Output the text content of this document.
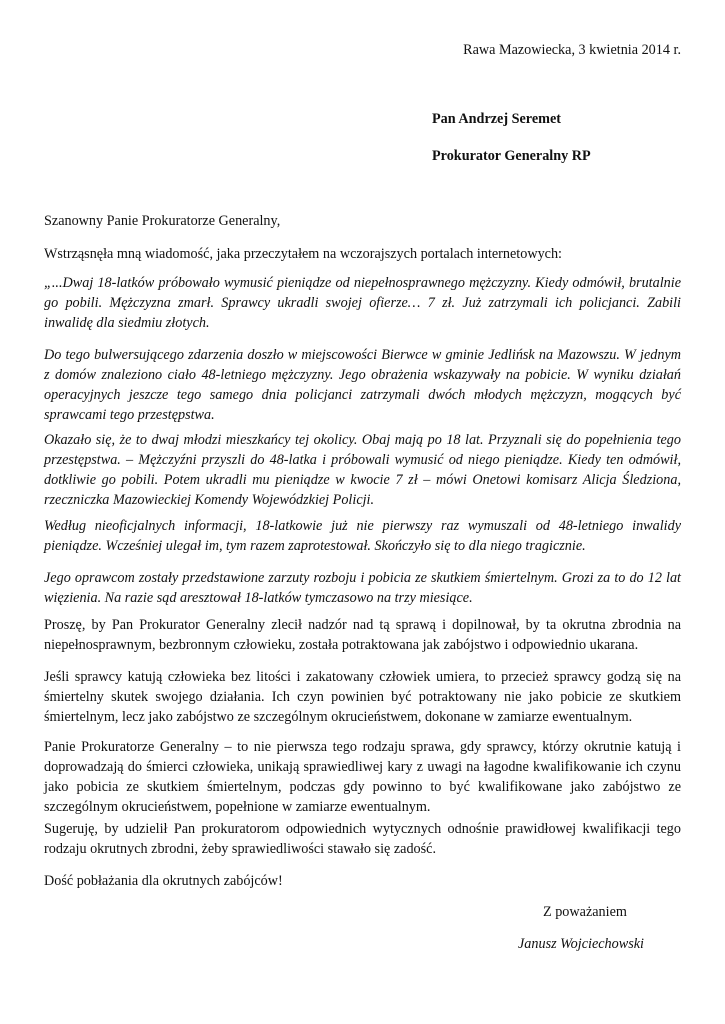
Rawa Mazowiecka, 3 kwietnia 2014 r.

Pan Andrzej Seremet

Prokurator Generalny RP

Szanowny Panie Prokuratorze Generalny,

Wstrząsnęła mną wiadomość, jaka przeczytałem na wczorajszych portalach internetowych:

„...Dwaj 18-latków próbowało wymusić pieniądze od niepełnosprawnego mężczyzny. Kiedy odmówił, brutalnie go pobili. Mężczyzna zmarł. Sprawcy ukradli swojej ofierze… 7 zł. Już zatrzymali ich policjanci. Zabili inwalidę dla siedmiu złotych.

Do tego bulwersującego zdarzenia doszło w miejscowości Bierwce w gminie Jedlińsk na Mazowszu. W jednym z domów znaleziono ciało 48-letniego mężczyzny. Jego obrażenia wskazywały na pobicie. W wyniku działań operacyjnych jeszcze tego samego dnia policjanci zatrzymali dwóch młodych mężczyzn, mogących być sprawcami tego przestępstwa.

Okazało się, że to dwaj młodzi mieszkańcy tej okolicy. Obaj mają po 18 lat. Przyznali się do popełnienia tego przestępstwa. – Mężczyźni przyszli do 48-latka i próbowali wymusić od niego pieniądze. Kiedy ten odmówił, dotkliwie go pobili. Potem ukradli mu pieniądze w kwocie 7 zł – mówi Onetowi komisarz Alicja Śledziona, rzeczniczka Mazowieckiej Komendy Wojewódzkiej Policji.

Według nieoficjalnych informacji, 18-latkowie już nie pierwszy raz wymuszali od 48-letniego inwalidy pieniądze. Wcześniej ulegał im, tym razem zaprotestował. Skończyło się to dla niego tragicznie.

Jego oprawcom zostały przedstawione zarzuty rozboju i pobicia ze skutkiem śmiertelnym. Grozi za to do 12 lat więzienia. Na razie sąd aresztował 18-latków tymczasowo na trzy miesiące.

Proszę, by Pan Prokurator Generalny zlecił nadzór nad tą sprawą i dopilnował, by ta okrutna zbrodnia na niepełnosprawnym, bezbronnym człowieku, została potraktowana jak zabójstwo i odpowiednio ukarana.

Jeśli sprawcy katują człowieka bez litości i zakatowany człowiek umiera, to przecież sprawcy godzą się na śmiertelny skutek swojego działania. Ich czyn powinien być potraktowany nie jako pobicie ze skutkiem śmiertelnym, lecz jako zabójstwo ze szczególnym okrucieństwem, dokonane w zamiarze ewentualnym.

Panie Prokuratorze Generalny – to nie pierwsza tego rodzaju sprawa, gdy sprawcy, którzy okrutnie katują i doprowadzają do śmierci człowieka, unikają sprawiedliwej kary z uwagi na łagodne kwalifikowanie ich czynu jako pobicia ze skutkiem śmiertelnym, podczas gdy powinno to być kwalifikowane jako zabójstwo ze szczególnym okrucieństwem, popełnione w zamiarze ewentualnym.

Sugeruję, by udzielił Pan prokuratorom odpowiednich wytycznych odnośnie prawidłowej kwalifikacji tego rodzaju okrutnych zbrodni, żeby sprawiedliwości stawało się zadość.

Dość pobłażania dla okrutnych zabójców!

Z poważaniem

Janusz Wojciechowski
